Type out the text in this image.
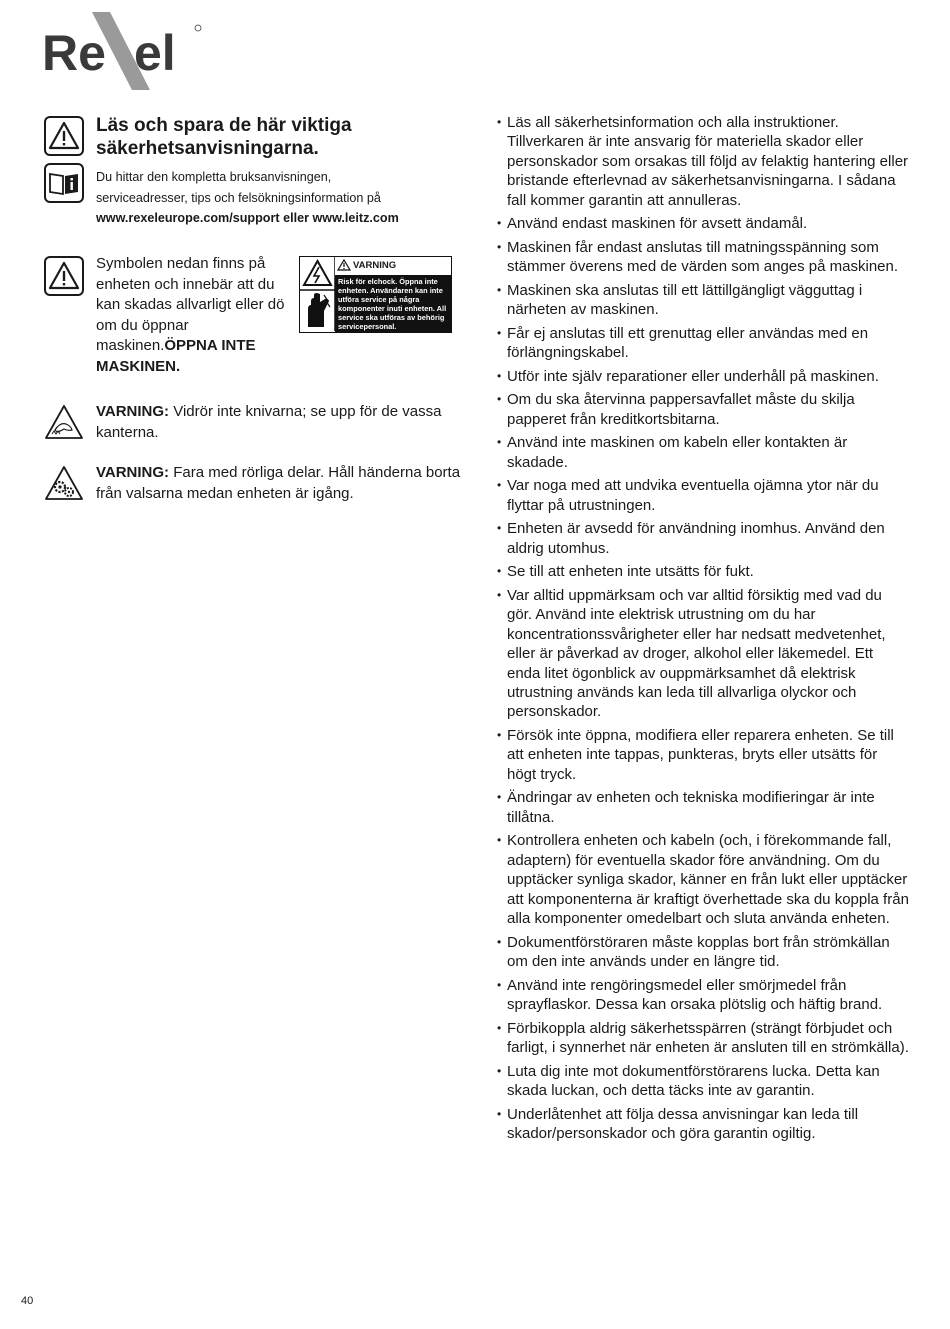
Re el
Läs och spara de här viktiga säkerhetsanvisningarna.
Du hittar den kompletta bruksanvisningen,
serviceadresser, tips och felsökningsinformation på
www.rexeleurope.com/support eller www.leitz.com
Symbolen nedan finns på enheten och innebär att du kan skadas allvarligt eller dö om du öppnar maskinen.ÖPPNA INTE MASKINEN.
VARNING
Risk för elchock. Öppna inte enheten. Användaren kan inte utföra service på några komponenter inuti enheten. All service ska utföras av behörig servicepersonal.
VARNING: Vidrör inte knivarna; se upp för de vassa kanterna.
VARNING: Fara med rörliga delar. Håll händerna borta från valsarna medan enheten är igång.
• Läs all säkerhetsinformation och alla instruktioner. Tillverkaren är inte ansvarig för materiella skador eller personskador som orsakas till följd av felaktig hantering eller bristande efterlevnad av säkerhetsanvisningarna. I sådana fall kommer garantin att annulleras.
• Använd endast maskinen för avsett ändamål.
• Maskinen får endast anslutas till matningsspänning som stämmer överens med de värden som anges på maskinen.
• Maskinen ska anslutas till ett lättillgängligt vägguttag i närheten av maskinen.
• Får ej anslutas till ett grenuttag eller användas med en förlängningskabel.
• Utför inte själv reparationer eller underhåll på maskinen.
• Om du ska återvinna pappersavfallet måste du skilja papperet från kreditkortsbitarna.
• Använd inte maskinen om kabeln eller kontakten är skadade.
• Var noga med att undvika eventuella ojämna ytor när du flyttar på utrustningen.
• Enheten är avsedd för användning inomhus. Använd den aldrig utomhus.
• Se till att enheten inte utsätts för fukt.
• Var alltid uppmärksam och var alltid försiktig med vad du gör. Använd inte elektrisk utrustning om du har koncentrationssvårigheter eller har nedsatt medvetenhet, eller är påverkad av droger, alkohol eller läkemedel. Ett enda litet ögonblick av ouppmärksamhet då elektrisk utrustning används kan leda till allvarliga olyckor och personskador.
• Försök inte öppna, modifiera eller reparera enheten. Se till att enheten inte tappas, punkteras, bryts eller utsätts för högt tryck.
• Ändringar av enheten och tekniska modifieringar är inte tillåtna.
• Kontrollera enheten och kabeln (och, i förekommande fall, adaptern) för eventuella skador före användning. Om du upptäcker synliga skador, känner en från lukt eller upptäcker att komponenterna är kraftigt överhettade ska du koppla från alla komponenter omedelbart och sluta använda enheten.
• Dokumentförstöraren måste kopplas bort från strömkällan om den inte används under en längre tid.
• Använd inte rengöringsmedel eller smörjmedel från sprayflaskor. Dessa kan orsaka plötslig och häftig brand.
• Förbikoppla aldrig säkerhetsspärren (strängt förbjudet och farligt, i synnerhet när enheten är ansluten till en strömkälla).
• Luta dig inte mot dokumentförstörarens lucka. Detta kan skada luckan, och detta täcks inte av garantin.
• Underlåtenhet att följa dessa anvisningar kan leda till skador/personskador och göra garantin ogiltig.
40
